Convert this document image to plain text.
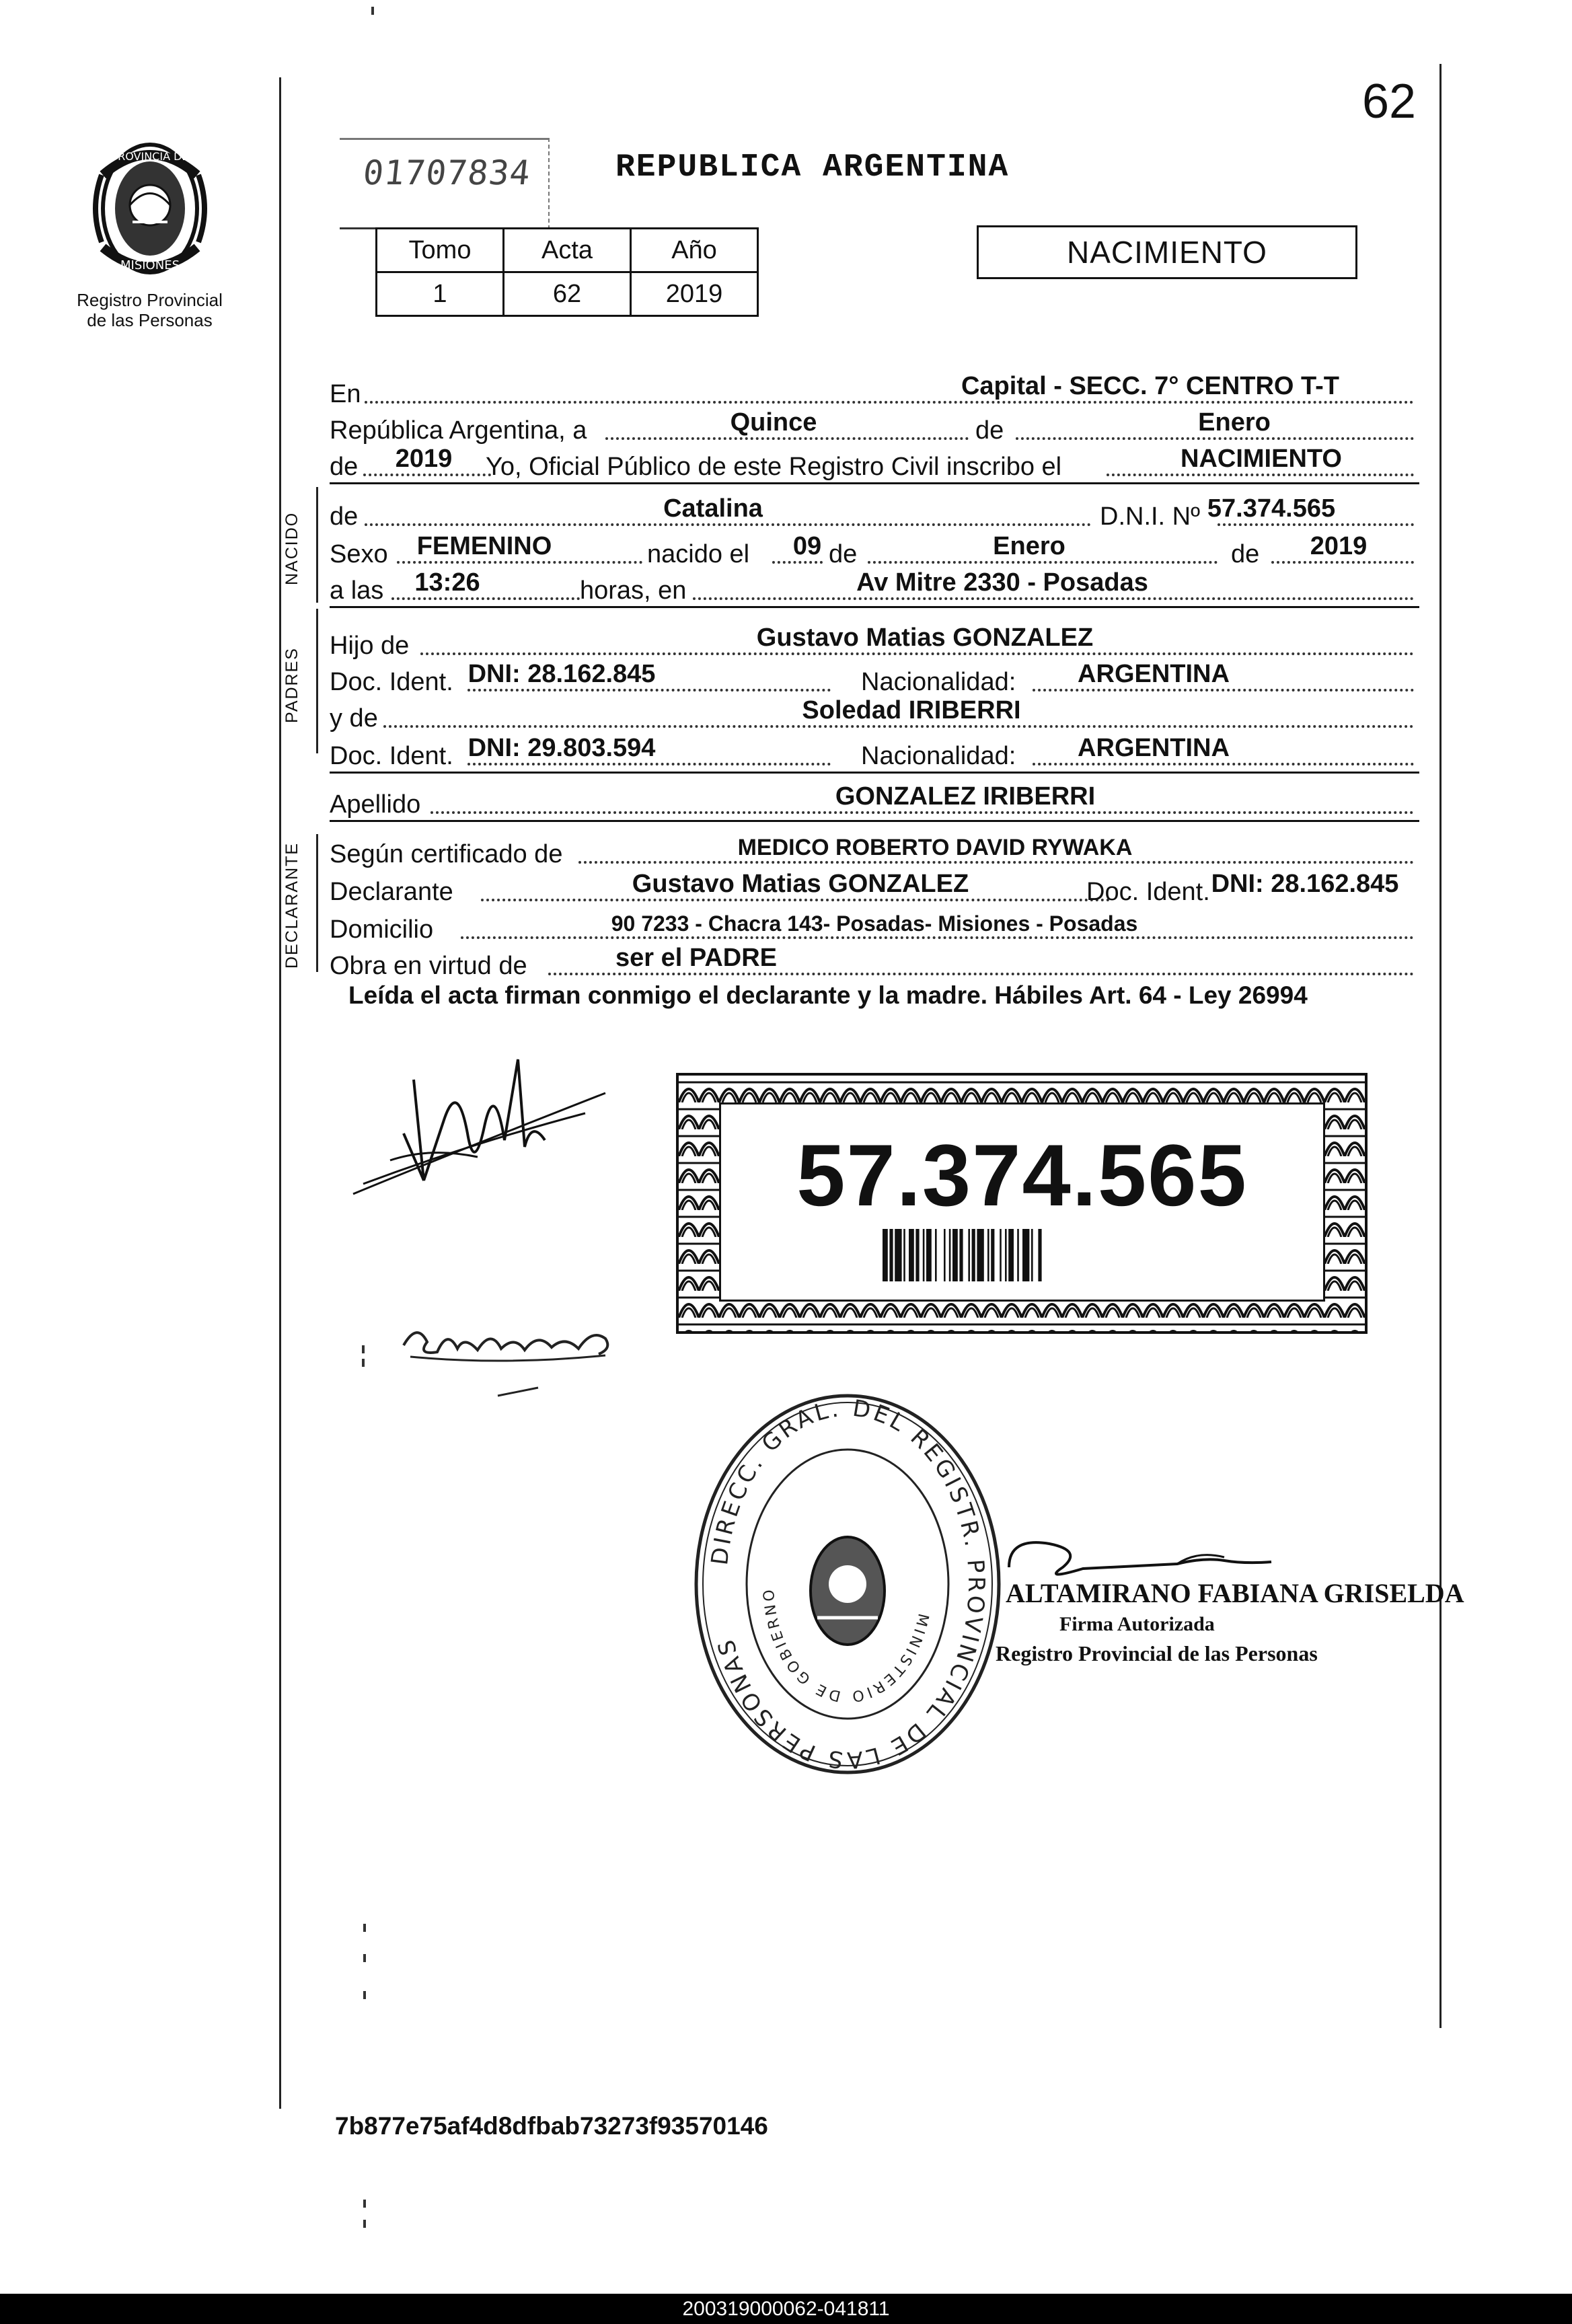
62
PROVINCIA DE
MISIONES
Registro Provincial
de las Personas
01707834	REPUBLICA ARGENTINA
Tomo	Acta	Año
1	62	2019
NACIMIENTO
En	Capital - SECC. 7° CENTRO T-T
República Argentina, a	Quince	de	Enero
de 2019 Yo, Oficial Público de este Registro Civil inscribo el	NACIMIENTO
NACIDO de	Catalina	D.N.I. Nº 57.374.565
Sexo FEMENINO	nacido el 09 de	Enero	de 2019
a las 13:26	horas, en	Av Mitre 2330 - Posadas
PADRES
Hijo de	Gustavo Matias GONZALEZ
Doc. Ident. DNI: 28.162.845	Nacionalidad: ARGENTINA
y de	Soledad IRIBERRI
Doc. Ident. DNI: 29.803.594	Nacionalidad: ARGENTINA
Apellido	GONZALEZ IRIBERRI
DECLARANTE Según certificado de	MEDICO ROBERTO DAVID RYWAKA
Declarante	Gustavo Matias GONZALEZ	Doc. Ident. DNI: 28.162.845
Domicilio	90 7233 - Chacra 143- Posadas- Misiones - Posadas
Obra en virtud de	ser el PADRE
Leída el acta firman conmigo el declarante y la madre. Hábiles Art. 64 - Ley 26994
57.374.565
DIRECC. GRAL. DEL REGISTR. PROVINCIAL DE LAS PERSONAS
MINISTERIO DE GOBIERNO	ALTAMIRANO FABIANA GRISELDA
Firma Autorizada
Registro Provincial de las Personas
7b877e75af4d8dfbab73273f93570146
200319000062-041811
